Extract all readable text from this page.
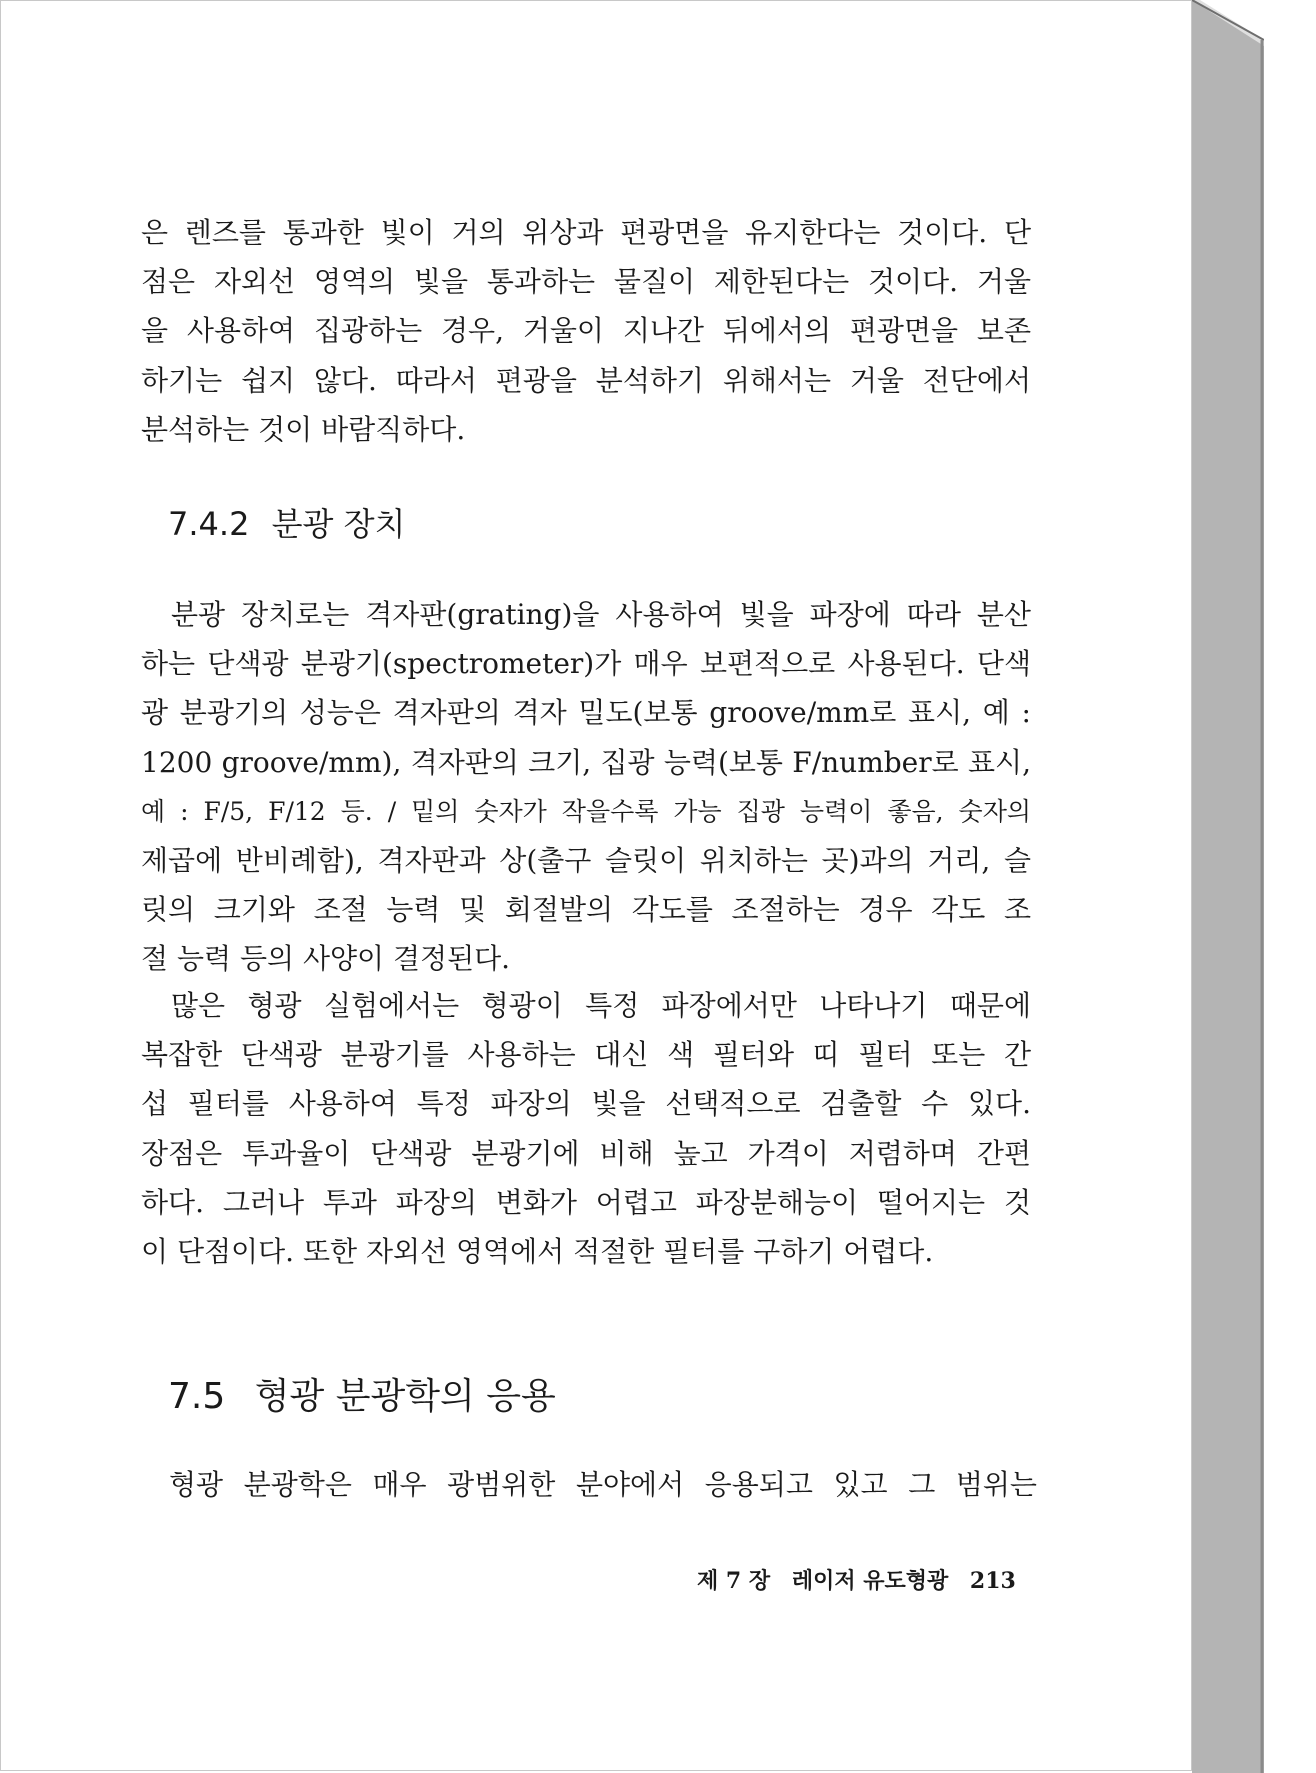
은 렌즈를 통과한 빛이 거의 위상과 편광면을 유지한다는 것이다. 단
점은 자외선 영역의 빛을 통과하는 물질이 제한된다는 것이다. 거울
을 사용하여 집광하는 경우, 거울이 지나간 뒤에서의 편광면을 보존
하기는 쉽지 않다. 따라서 편광을 분석하기 위해서는 거울 전단에서
분석하는 것이 바람직하다.

7.4.2 분광 장치

분광 장치로는 격자판(grating)을 사용하여 빛을 파장에 따라 분산
하는 단색광 분광기(spectrometer)가 매우 보편적으로 사용된다. 단색
광 분광기의 성능은 격자판의 격자 밀도(보통 groove/mm로 표시, 예 :
1200 groove/mm), 격자판의 크기, 집광 능력(보통 F/number로 표시,
예 : F/5, F/12 등. / 밑의 숫자가 작을수록 가능 집광 능력이 좋음, 숫자의
제곱에 반비례함), 격자판과 상(출구 슬릿이 위치하는 곳)과의 거리, 슬
릿의 크기와 조절 능력 및 회절발의 각도를 조절하는 경우 각도 조
절 능력 등의 사양이 결정된다.

많은 형광 실험에서는 형광이 특정 파장에서만 나타나기 때문에
복잡한 단색광 분광기를 사용하는 대신 색 필터와 띠 필터 또는 간
섭 필터를 사용하여 특정 파장의 빛을 선택적으로 검출할 수 있다.
장점은 투과율이 단색광 분광기에 비해 높고 가격이 저렴하며 간편
하다. 그러나 투과 파장의 변화가 어렵고 파장분해능이 떨어지는 것
이 단점이다. 또한 자외선 영역에서 적절한 필터를 구하기 어렵다.

7.5 형광 분광학의 응용

형광 분광학은 매우 광범위한 분야에서 응용되고 있고 그 범위는

제 7 장 레이저 유도형광 213
